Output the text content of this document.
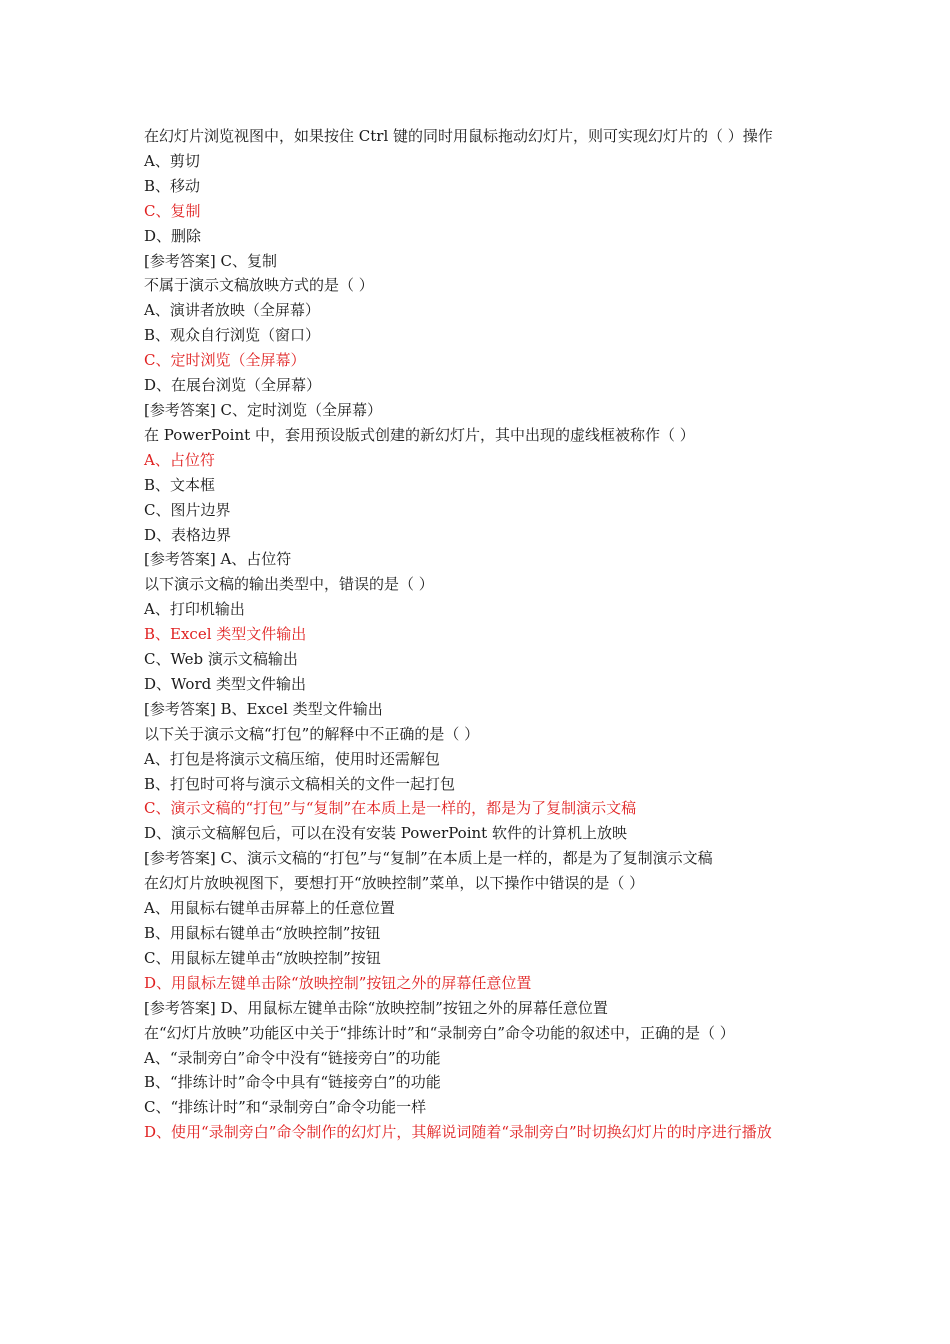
在幻灯片浏览视图中，如果按住 Ctrl 键的同时用鼠标拖动幻灯片，则可实现幻灯片的（ ）操作
A、剪切
B、移动
C、复制
D、删除
[参考答案] C、复制
不属于演示文稿放映方式的是（ ）
A、演讲者放映（全屏幕）
B、观众自行浏览（窗口）
C、定时浏览（全屏幕）
D、在展台浏览（全屏幕）
[参考答案] C、定时浏览（全屏幕）
在 PowerPoint 中，套用预设版式创建的新幻灯片，其中出现的虚线框被称作（ ）
A、占位符
B、文本框
C、图片边界
D、表格边界
[参考答案] A、占位符
以下演示文稿的输出类型中，错误的是（ ）
A、打印机输出
B、Excel 类型文件输出
C、Web 演示文稿输出
D、Word 类型文件输出
[参考答案] B、Excel 类型文件输出
以下关于演示文稿“打包”的解释中不正确的是（ ）
A、打包是将演示文稿压缩，使用时还需解包
B、打包时可将与演示文稿相关的文件一起打包
C、演示文稿的“打包”与“复制”在本质上是一样的，都是为了复制演示文稿
D、演示文稿解包后，可以在没有安装 PowerPoint 软件的计算机上放映
[参考答案] C、演示文稿的“打包”与“复制”在本质上是一样的，都是为了复制演示文稿
在幻灯片放映视图下，要想打开“放映控制”菜单，以下操作中错误的是（ ）
A、用鼠标右键单击屏幕上的任意位置
B、用鼠标右键单击“放映控制”按钮
C、用鼠标左键单击“放映控制”按钮
D、用鼠标左键单击除“放映控制”按钮之外的屏幕任意位置
[参考答案] D、用鼠标左键单击除“放映控制”按钮之外的屏幕任意位置
在“幻灯片放映”功能区中关于“排练计时”和“录制旁白”命令功能的叙述中，正确的是（ ）
A、“录制旁白”命令中没有“链接旁白”的功能
B、“排练计时”命令中具有“链接旁白”的功能
C、“排练计时”和“录制旁白”命令功能一样
D、使用“录制旁白”命令制作的幻灯片，其解说词随着“录制旁白”时切换幻灯片的时序进行播放
